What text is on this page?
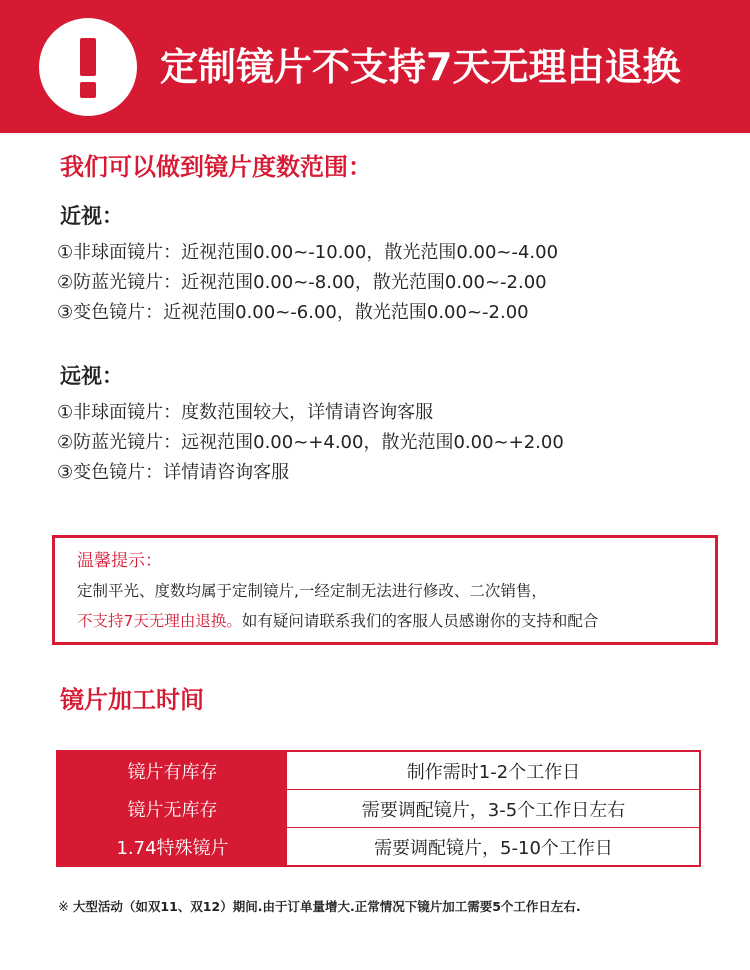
定制镜片不支持7天无理由退换
我们可以做到镜片度数范围：
近视：
①非球面镜片：近视范围0.00~-10.00，散光范围0.00~-4.00
②防蓝光镜片：近视范围0.00~-8.00，散光范围0.00~-2.00
③变色镜片：近视范围0.00~-6.00，散光范围0.00~-2.00
远视：
①非球面镜片：度数范围较大，详情请咨询客服
②防蓝光镜片：远视范围0.00~+4.00，散光范围0.00~+2.00
③变色镜片：详情请咨询客服
温馨提示：
定制平光、度数均属于定制镜片,一经定制无法进行修改、二次销售，
不支持7天无理由退换。如有疑问请联系我们的客服人员感谢你的支持和配合
镜片加工时间
镜片有库存	制作需时1-2个工作日
镜片无库存	需要调配镜片，3-5个工作日左右
1.74特殊镜片	需要调配镜片，5-10个工作日
※ 大型活动（如双11、双12）期间.由于订单量增大.正常情况下镜片加工需要5个工作日左右.
